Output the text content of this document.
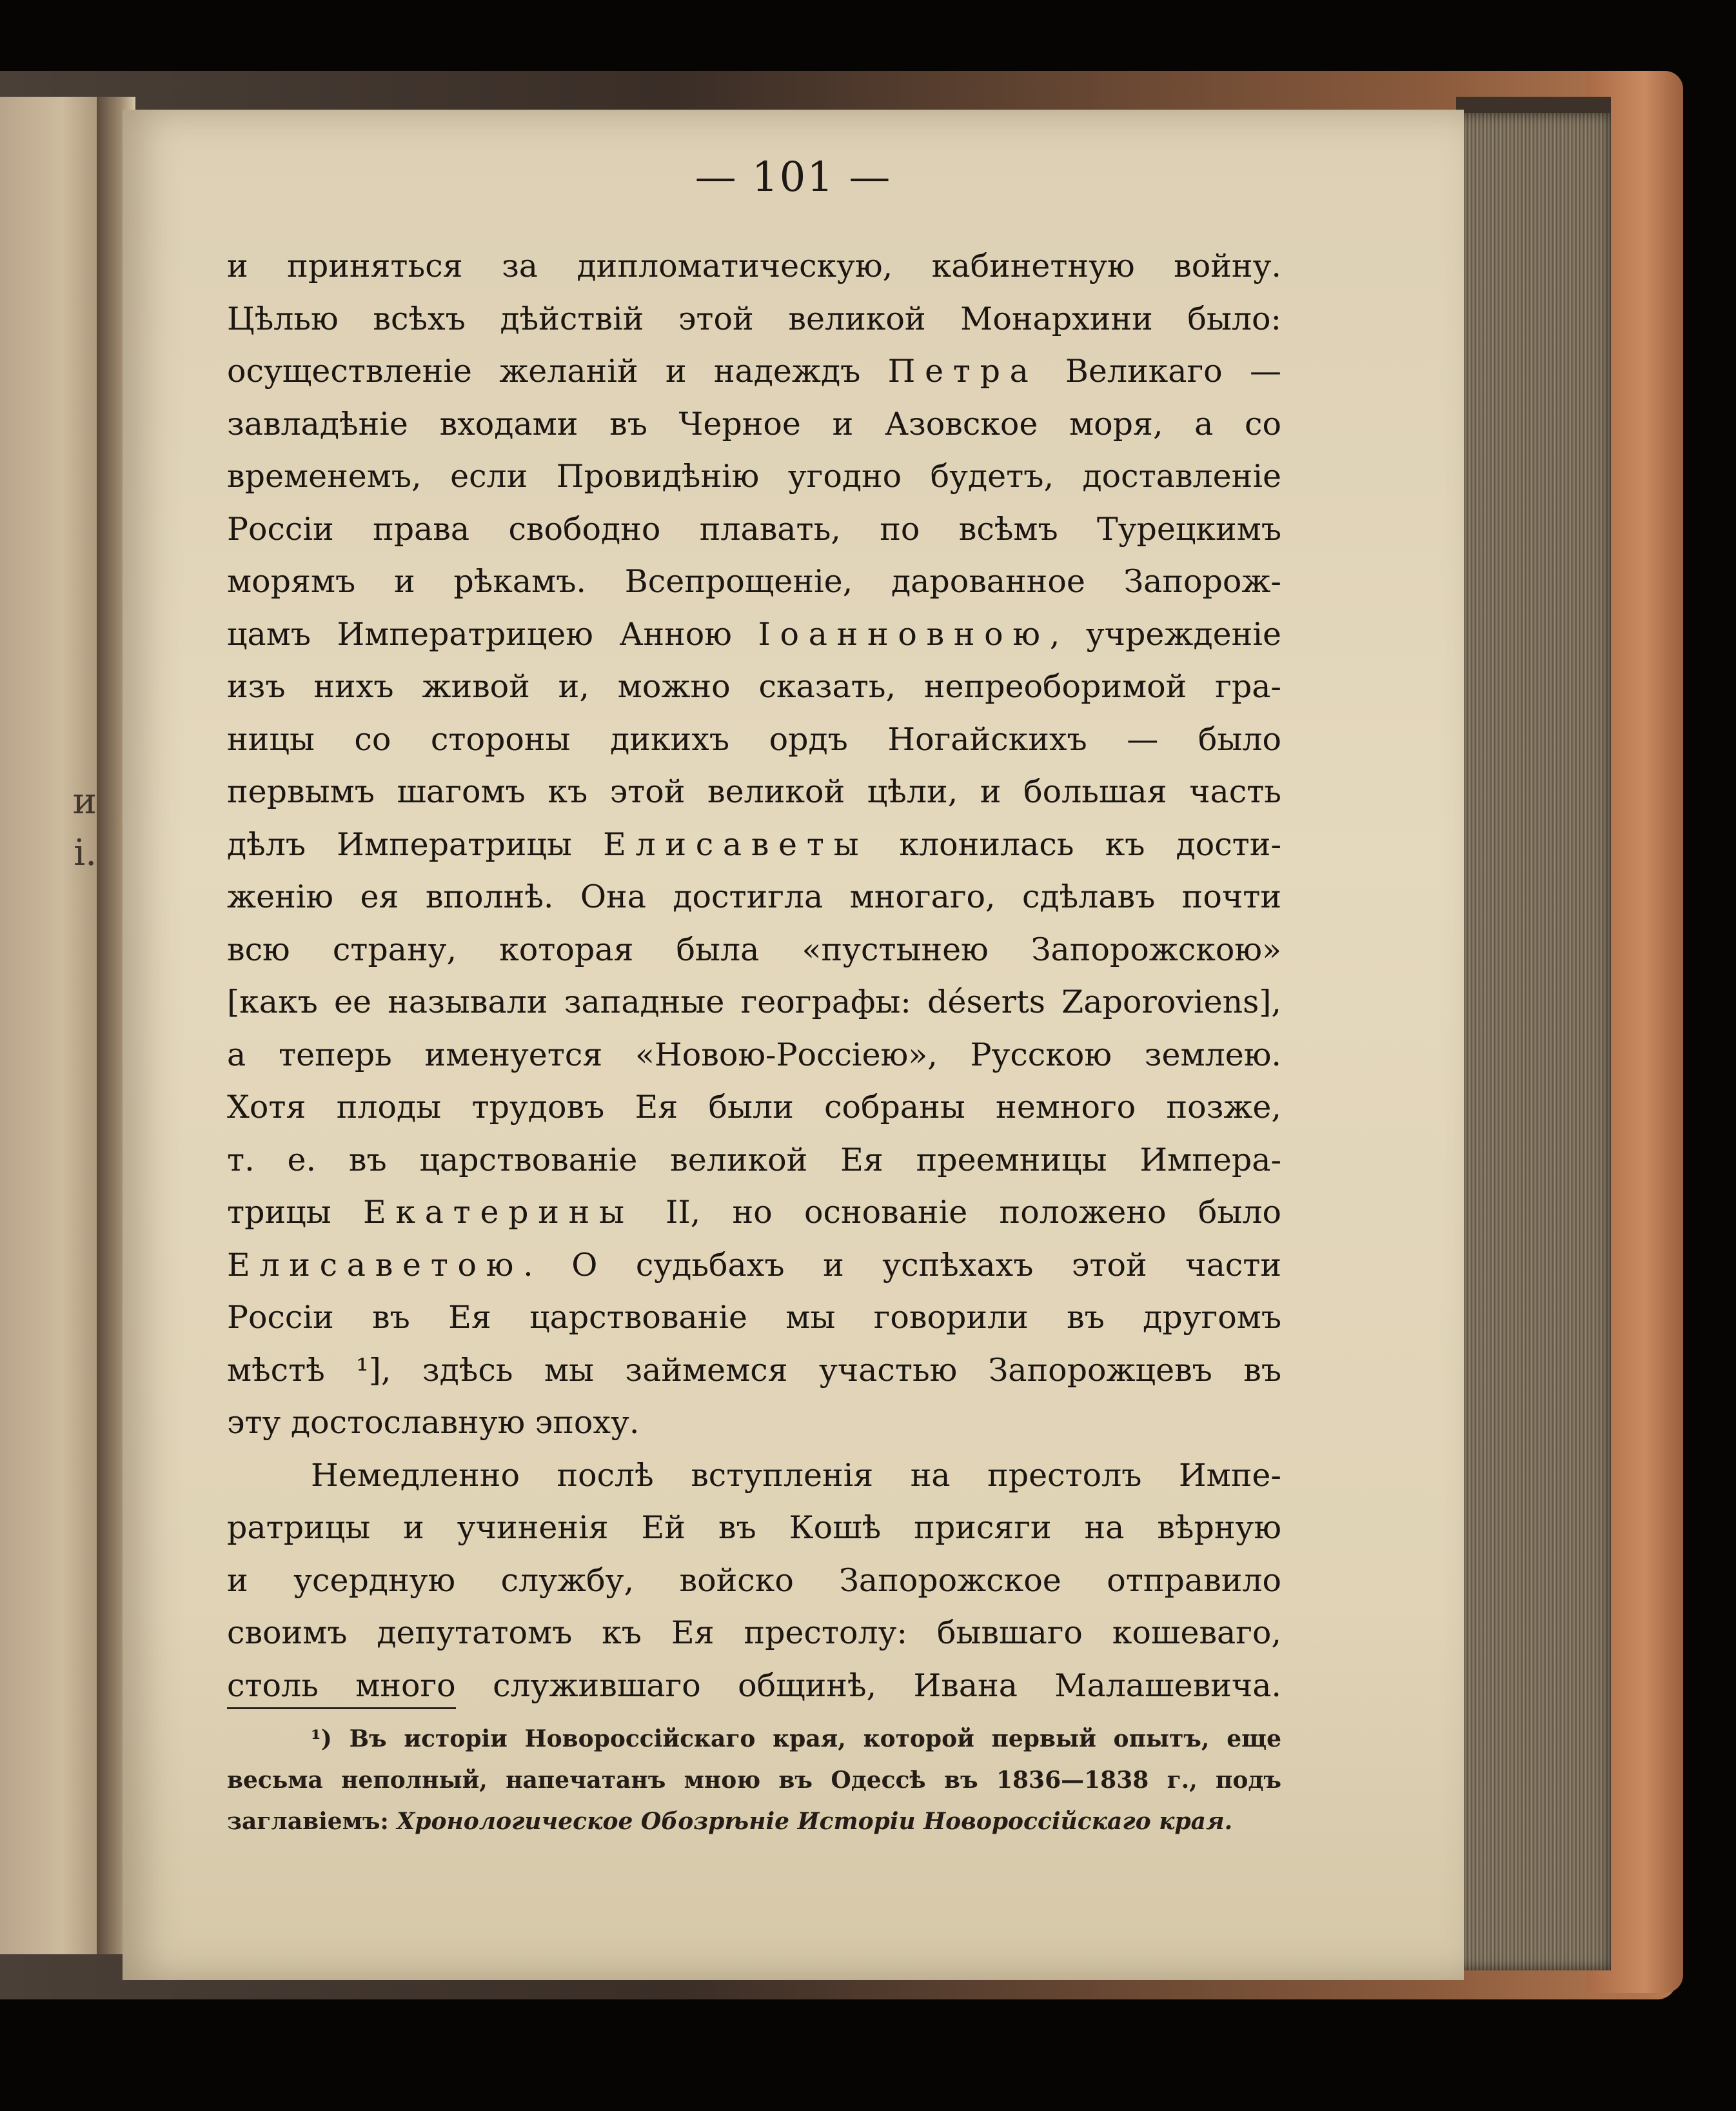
и
і.
— 101 —
и приняться за дипломатическую, кабинетную войну.
Цѣлью всѣхъ дѣйствій этой великой Монархини было:
осуществленіе желаній и надеждъ Петра Великаго —
завладѣніе входами въ Черное и Азовское моря, а со
временемъ, если Провидѣнію угодно будетъ, доставленіе
Россіи права свободно плавать, по всѣмъ Турецкимъ
морямъ и рѣкамъ. Всепрощеніе, дарованное Запорож-
цамъ Императрицею Анною Іоанновною, учрежденіе
изъ нихъ живой и, можно сказать, непреоборимой гра-
ницы со стороны дикихъ ордъ Ногайскихъ — было
первымъ шагомъ къ этой великой цѣли, и большая часть
дѣлъ Императрицы Елисаветы клонилась къ дости-
женію ея вполнѣ. Она достигла многаго, сдѣлавъ почти
всю страну, которая была «пустынею Запорожскою»
[какъ ее называли западные географы: déserts Zaporoviens],
а теперь именуется «Новою-Россіею», Русскою землею.
Хотя плоды трудовъ Ея были собраны немного позже,
т. е. въ царствованіе великой Ея преемницы Импера-
трицы Екатерины II, но основаніе положено было
Елисаветою. О судьбахъ и успѣхахъ этой части
Россіи въ Ея царствованіе мы говорили въ другомъ
мѣстѣ ¹], здѣсь мы займемся участью Запорожцевъ въ
эту достославную эпоху.
Немедленно послѣ вступленія на престолъ Импе-
ратрицы и учиненія Ей въ Кошѣ присяги на вѣрную
и усердную службу, войско Запорожское отправило
своимъ депутатомъ къ Ея престолу: бывшаго кошеваго,
столь много служившаго общинѣ, Ивана Малашевича.
¹) Въ исторіи Новороссійскаго края, которой первый опытъ, еще
весьма неполный, напечатанъ мною въ Одессѣ въ 1836—1838 г., подъ
заглавіемъ: Хронологическое Обозрѣніе Исторіи Новороссійскаго края.
